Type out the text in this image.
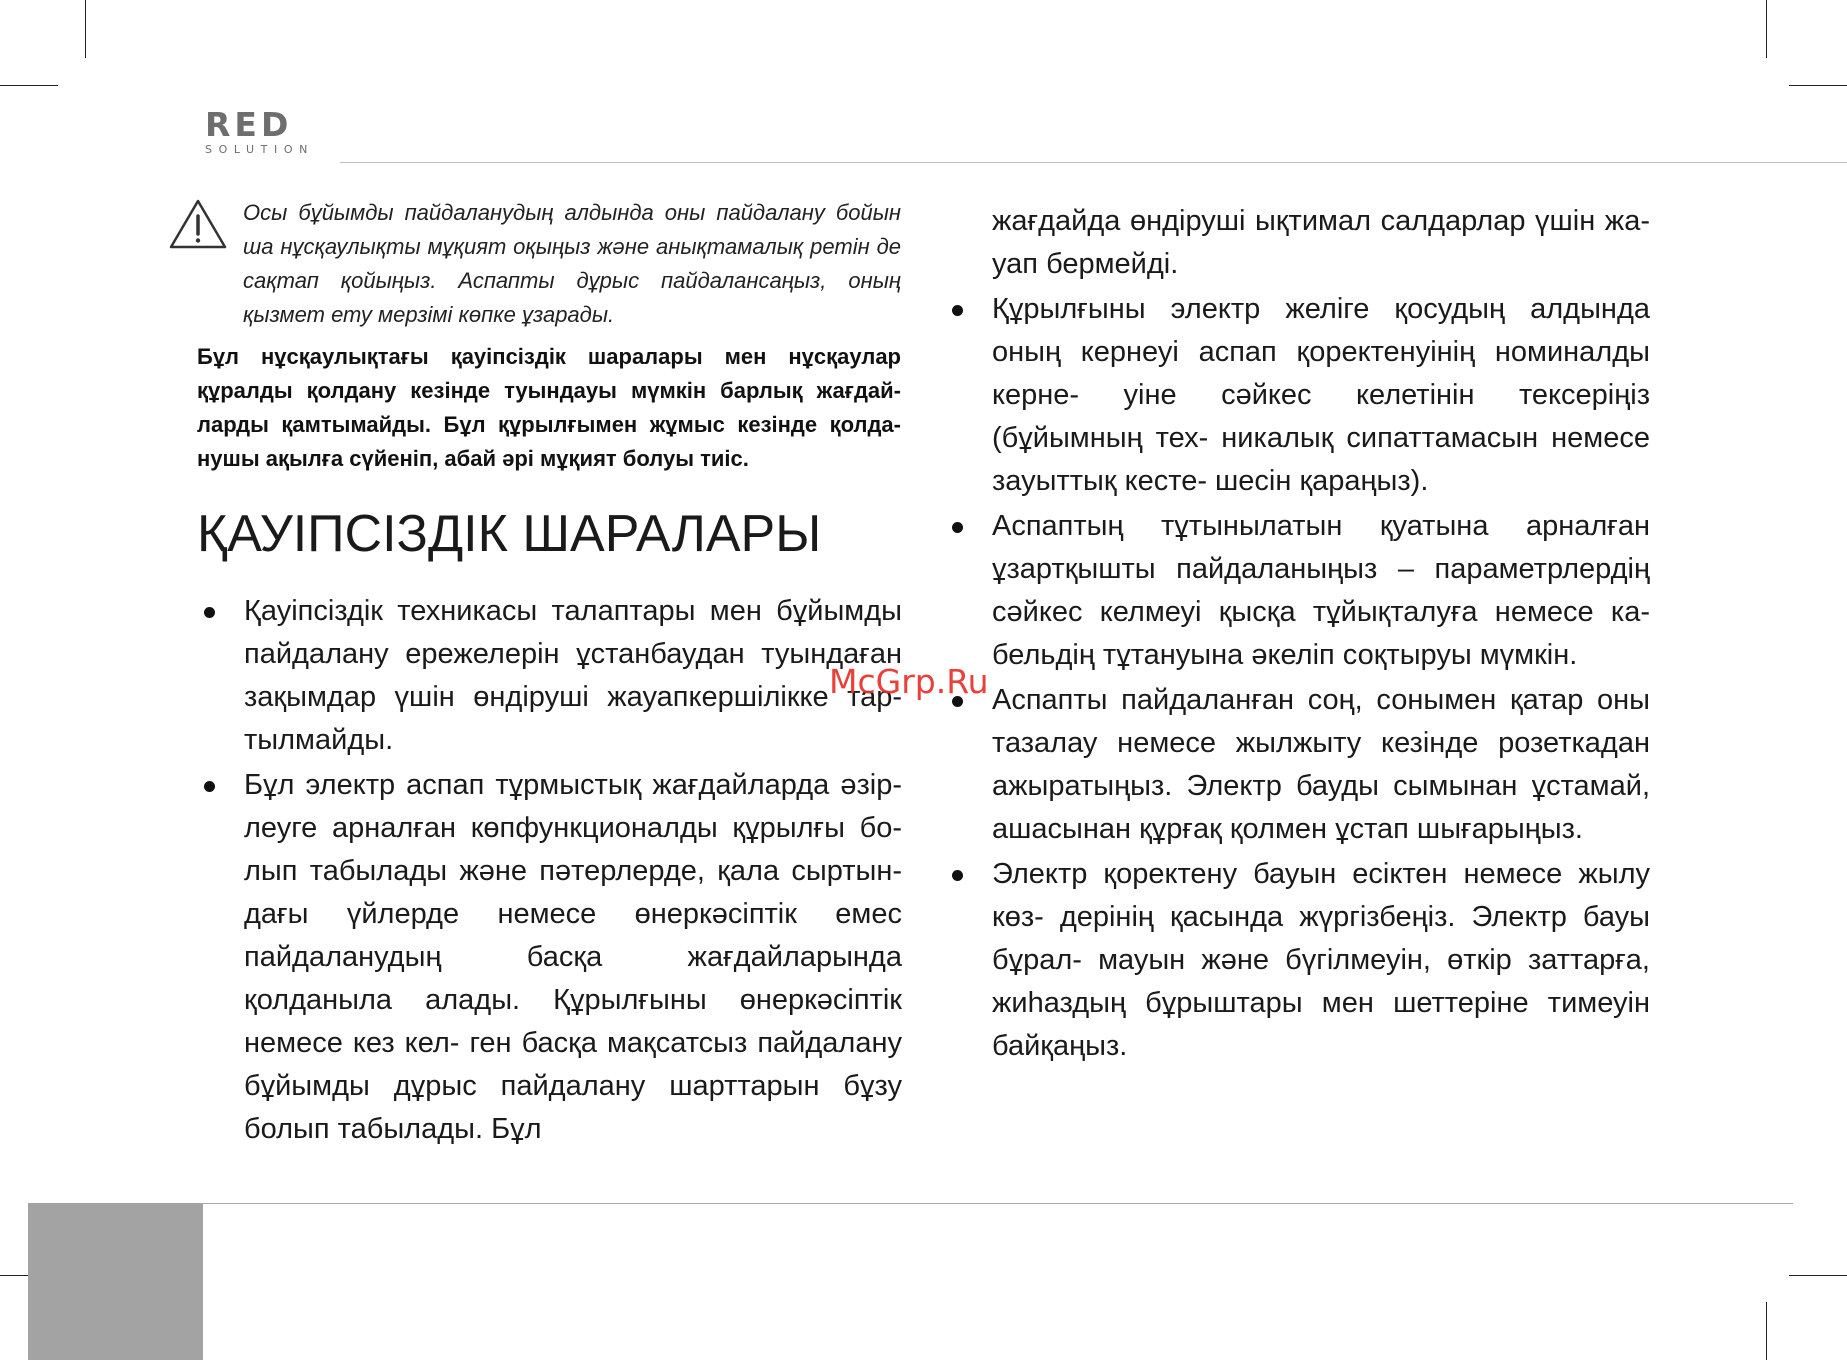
RED
SOLUTION
Осы бұйымды пайдаланудың алдында оны пайдалану бойын ша нұсқаулықты мұқият оқыңыз және анықтамалық ретін де сақтап қойыңыз. Аспапты дұрыс пайдалансаңыз, оның қызмет ету мерзімі көпке ұзарады.
Бұл нұсқаулықтағы қауіпсіздік шаралары мен нұсқаулар құралды қолдану кезінде туындауы мүмкін барлық жағдай- ларды қамтымайды. Бұл құрылғымен жұмыс кезінде қолда- нушы ақылға сүйеніп, абай әрі мұқият болуы тиіс.
ҚАУІПСІЗДІК ШАРАЛАРЫ
Қауіпсіздік техникасы талаптары мен бұйымды пайдалану ережелерін ұстанбаудан туындаған зақымдар үшін өндіруші жауапкершілікке тар- тылмайды.
Бұл электр аспап тұрмыстық жағдайларда әзір- леуге арналған көпфункционалды құрылғы бо- лып табылады және пәтерлерде, қала сыртын- дағы үйлерде немесе өнеркәсіптік емес пайдаланудың басқа жағдайларында қолданыла алады. Құрылғыны өнеркәсіптік немесе кез кел- ген басқа мақсатсыз пайдалану бұйымды дұрыс пайдалану шарттарын бұзу болып табылады. Бұл
жағдайда өндіруші ықтимал салдарлар үшін жа- уап бермейді.
Құрылғыны электр желіге қосудың алдында оның кернеуі аспап қоректенуінің номиналды керне- уіне сәйкес келетінін тексеріңіз (бұйымның тех- никалық сипаттамасын немесе зауыттық кесте- шесін қараңыз).
Аспаптың тұтынылатын қуатына арналған ұзартқышты пайдаланыңыз – параметрлердің сәйкес келмеуі қысқа тұйықталуға немесе ка- бельдің тұтануына әкеліп соқтыруы мүмкін.
Аспапты пайдаланған соң, сонымен қатар оны тазалау немесе жылжыту кезінде розеткадан ажыратыңыз. Электр бауды сымынан ұстамай, ашасынан құрғақ қолмен ұстап шығарыңыз.
Электр қоректену бауын есіктен немесе жылу көз- дерінің қасында жүргізбеңіз. Электр бауы бұрал- мауын және бүгілмеуін, өткір заттарға, жиһаздың бұрыштары мен шеттеріне тимеуін байқаңыз.
McGrp.Ru
